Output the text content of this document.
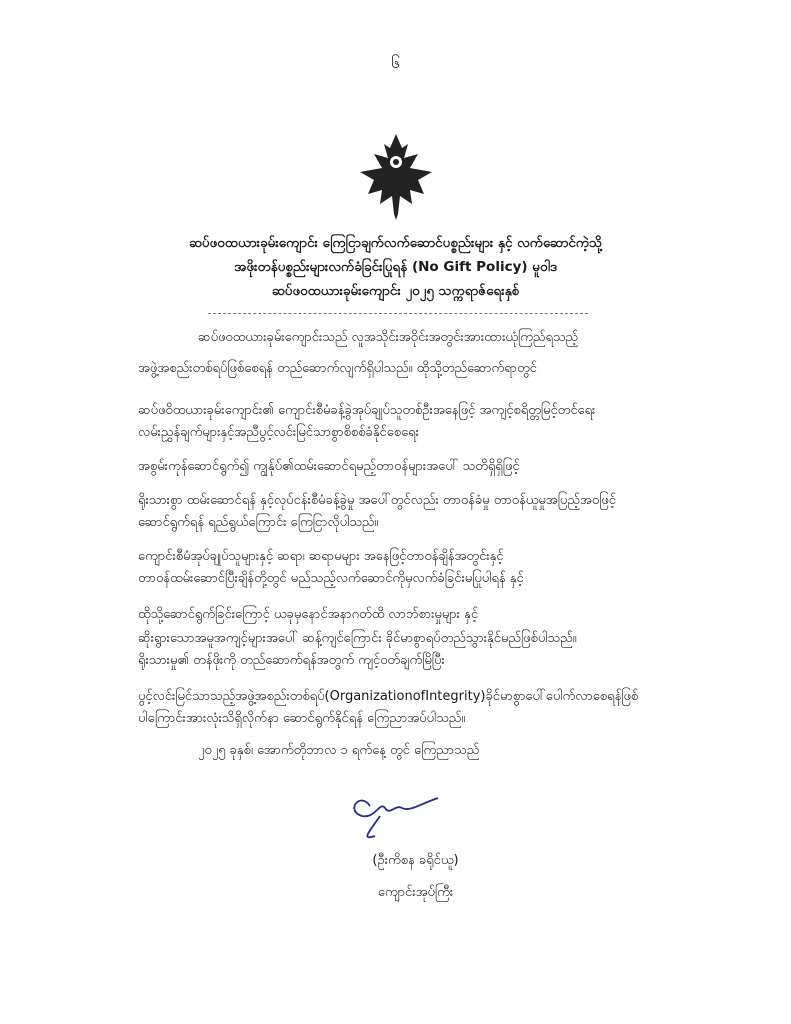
၆
ဆပ်ဖဝထယားခုမ်းကျောင်း ကြေငြာချက်လက်ဆောင်ပစ္စည်းများ နှင့် လက်ဆောင်ကဲ့သို့
အဖိုးတန်ပစ္စည်းများလက်ခံခြင်းပြုရန် (No Gift Policy) မူဝါဒ
ဆပ်ဖဝထယားခုမ်းကျောင်း ၂၀၂၅ သက္ကရာဇ်ရေးနှစ်
ဆပ်ဖဝထယားခုမ်းကျောင်းသည် လူအသိုင်းအဝိုင်းအတွင်းအားထားယုံကြည်ရသည့်
အဖွဲ့အစည်းတစ်ရပ်ဖြစ်စေရန် တည်ဆောက်လျက်ရှိပါသည်။ ထိုသို့တည်ဆောက်ရာတွင်
ဆပ်ဖဝိထယားခုမ်းကျောင်း၏ ကျောင်းစီမံခန့်ခွဲအုပ်ချုပ်သူတစ်ဦးအနေဖြင့် အကျင့်စရိတ္တမြင့်တင်ရေး
လမ်းညွှန်ချက်များနှင့်အညီပွင့်လင်းမြင်သာစွာစိစစ်ခံနိုင်စေရေး
အစွမ်းကုန်ဆောင်ရွက်၍ ကျွန်ုပ်၏ထမ်းဆောင်ရမည့်တာဝန်များအပေါ် သတိရှိရှိဖြင့်
ရိုးသားစွာ ထမ်းဆောင်ရန် နှင့်လုပ်ငန်းစီမံခန့်ခွဲမှု အပေါ်တွင်လည်း တာဝန်ခံမှု တာဝန်ယူမှုအပြည့်အဝဖြင့်
ဆောင်ရွက်ရန် ရည်ရွယ်ကြောင်း ကြေငြာလိုပါသည်။
ကျောင်းစီမံအုပ်ချုပ်သူများနှင့် ဆရာ၊ ဆရာမများ အနေဖြင့်တာဝန်ချိန်အတွင်းနှင့်
တာဝန်ထမ်းဆောင်ပြီးချိန်တို့တွင် မည်သည့်လက်ဆောင်ကိုမှလက်ခံခြင်းမပြုပါရန် နှင့်
ထိုသို့ဆောင်ရွက်ခြင်းကြောင့် ယခုမှနောင်အနာဂတ်ထိ လာဘ်စားမှုများ နှင့်
ဆိုးရွားသောအမူအကျင့်များအပေါ် ဆန့်ကျင်ကြောင်း ခိုင်မာစွာရပ်တည်သွားနိုင်မည်ဖြစ်ပါသည်။
ရိုးသားမှု၏ တန်ဖိုးကို တည်ဆောက်ရန်အတွက် ကျင့်ဝတ်ချက်မြိပြီး
ပွင့်လင်းမြင်သာသည့်အဖွဲ့အစည်းတစ်ရပ်(OrganizationofIntegrity)ခိုင်မာစွာပေါ်ပေါက်လာစေရန်ဖြစ်
ပါကြောင်းအားလုံးသိရှိလိုက်နာ ဆောင်ရွက်နိုင်ရန် ကြေညာအပ်ပါသည်။
၂၀၂၅ ခုနှစ်၊ အောက်တိုဘာလ ၁ ရက်နေ့ တွင် ကြေညာသည်
(ဦးကိစန ခရိုင်ယူ)
ကျောင်းအုပ်ကြီး
